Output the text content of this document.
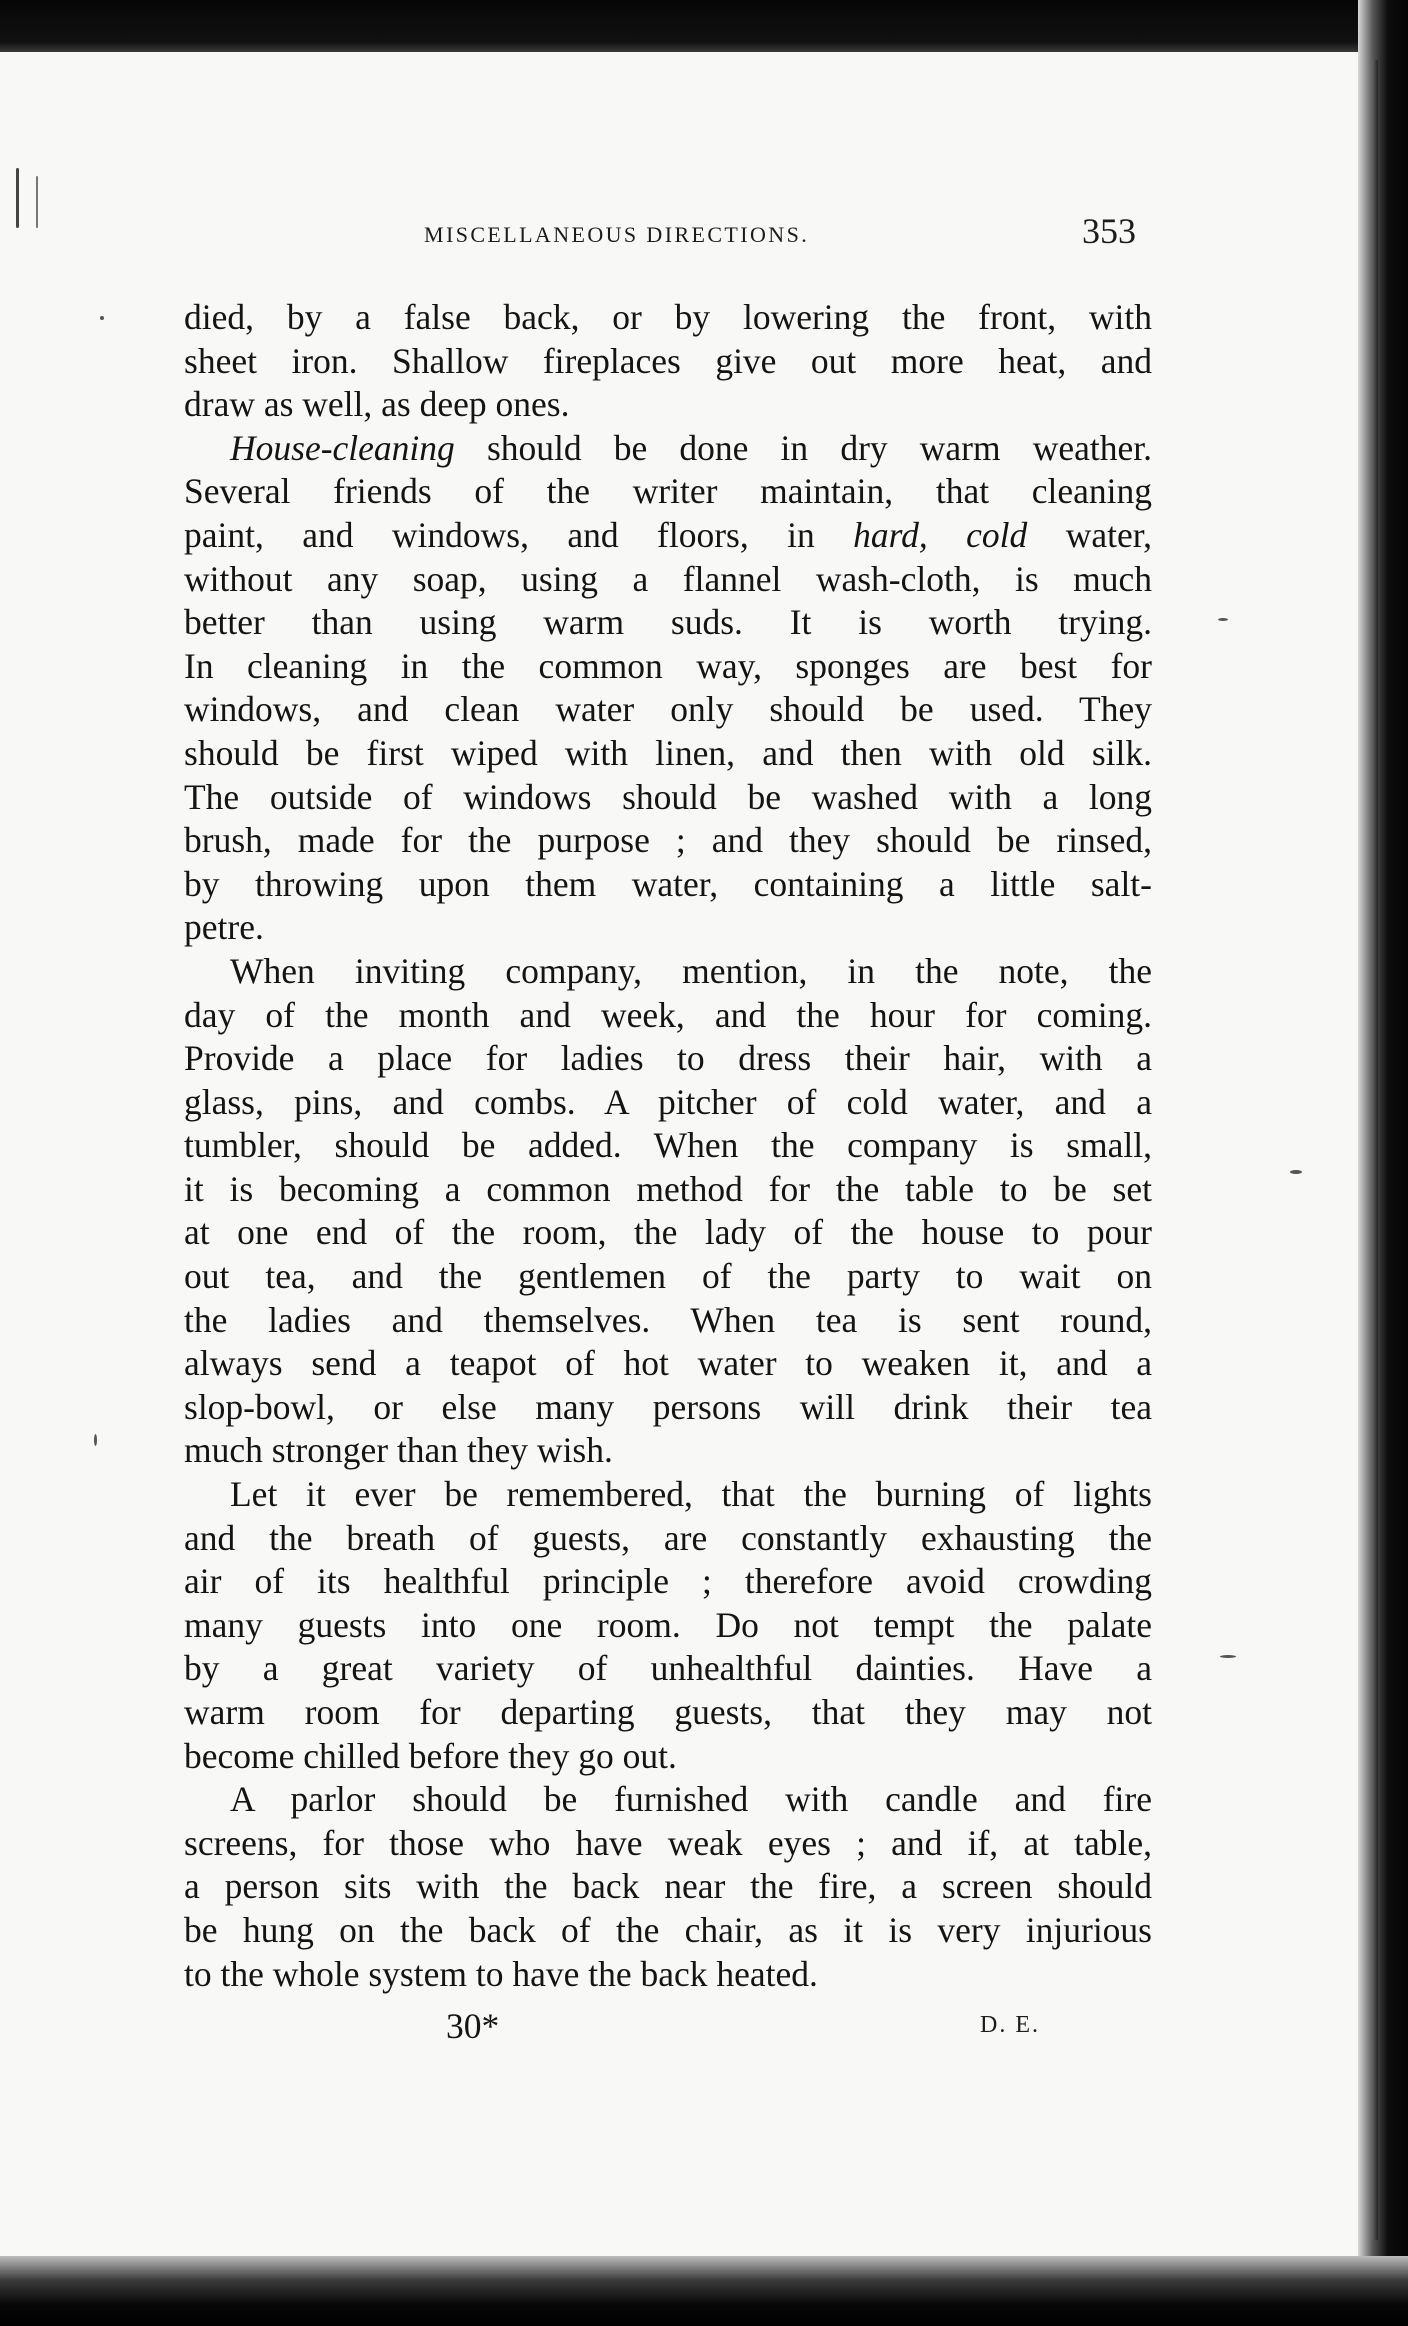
MISCELLANEOUS DIRECTIONS.	353
died, by a false back, or by lowering the front, with
sheet iron. Shallow fireplaces give out more heat, and
draw as well, as deep ones.
House-cleaning should be done in dry warm weather.
Several friends of the writer maintain, that cleaning
paint, and windows, and floors, in hard, cold water,
without any soap, using a flannel wash-cloth, is much
better than using warm suds. It is worth trying.
In cleaning in the common way, sponges are best for
windows, and clean water only should be used. They
should be first wiped with linen, and then with old silk.
The outside of windows should be washed with a long
brush, made for the purpose ; and they should be rinsed,
by throwing upon them water, containing a little salt-
petre.
When inviting company, mention, in the note, the
day of the month and week, and the hour for coming.
Provide a place for ladies to dress their hair, with a
glass, pins, and combs. A pitcher of cold water, and a
tumbler, should be added. When the company is small,
it is becoming a common method for the table to be set
at one end of the room, the lady of the house to pour
out tea, and the gentlemen of the party to wait on
the ladies and themselves. When tea is sent round,
always send a teapot of hot water to weaken it, and a
slop-bowl, or else many persons will drink their tea
much stronger than they wish.
Let it ever be remembered, that the burning of lights
and the breath of guests, are constantly exhausting the
air of its healthful principle ; therefore avoid crowding
many guests into one room. Do not tempt the palate
by a great variety of unhealthful dainties. Have a
warm room for departing guests, that they may not
become chilled before they go out.
A parlor should be furnished with candle and fire
screens, for those who have weak eyes ; and if, at table,
a person sits with the back near the fire, a screen should
be hung on the back of the chair, as it is very injurious
to the whole system to have the back heated.
30*	D. E.
